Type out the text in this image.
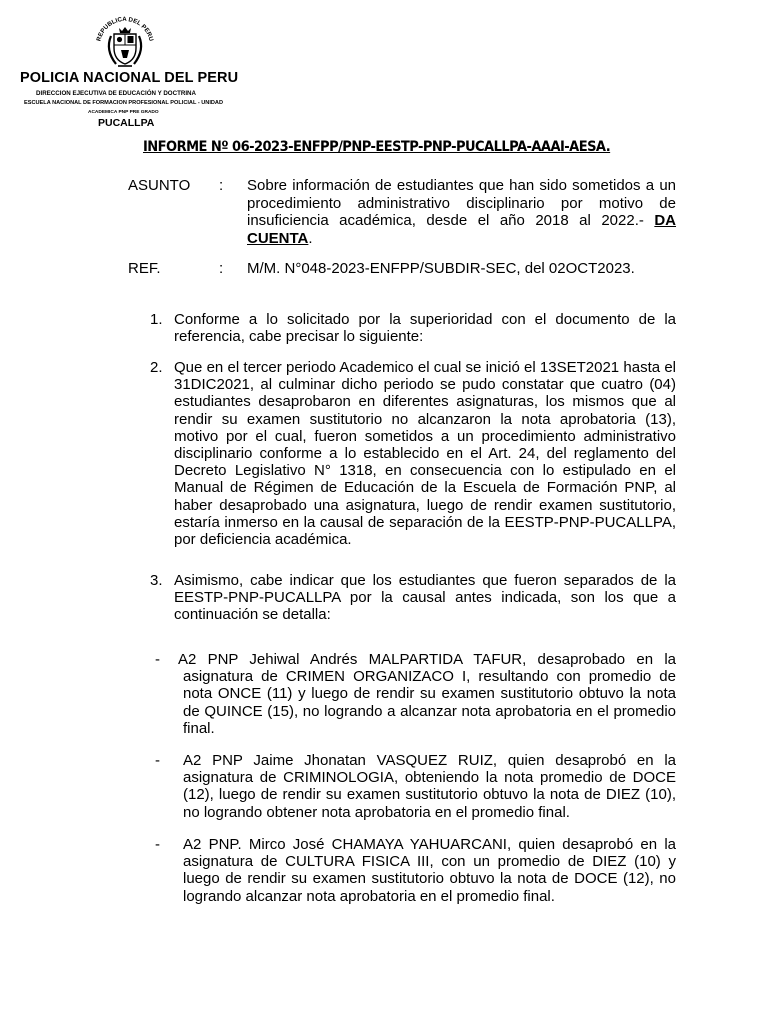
REPUBLICA DEL PERU
POLICIA NACIONAL DEL PERU
DIRECCION EJECUTIVA DE EDUCACIÓN Y DOCTRINA
ESCUELA NACIONAL DE FORMACION PROFESIONAL POLICIAL - UNIDAD
ACADEMICA PNP PRE GRADO
PUCALLPA
INFORME Nº 06-2023-ENFPP/PNP-EESTP-PNP-PUCALLPA-AAAI-AESA.
ASUNTO : Sobre información de estudiantes que han sido sometidos a un procedimiento administrativo disciplinario por motivo de insuficiencia académica, desde el año 2018 al 2022.- DA CUENTA.
REF.	: M/M. N°048-2023-ENFPP/SUBDIR-SEC, del 02OCT2023.
1. Conforme a lo solicitado por la superioridad con el documento de la referencia, cabe precisar lo siguiente:

2. Que en el tercer periodo Academico el cual se inició el 13SET2021 hasta el 31DIC2021, al culminar dicho periodo se pudo constatar que cuatro (04) estudiantes desaprobaron en diferentes asignaturas, los mismos que al rendir su examen sustitutorio no alcanzaron la nota aprobatoria (13), motivo por el cual, fueron sometidos a un procedimiento administrativo disciplinario conforme a lo establecido en el Art. 24, del reglamento del Decreto Legislativo N° 1318, en consecuencia con lo estipulado en el Manual de Régimen de Educación de la Escuela de Formación PNP, al haber desaprobado una asignatura, luego de rendir examen sustitutorio, estaría inmerso en la causal de separación de la EESTP-PNP-PUCALLPA, por deficiencia académica.

3. Asimismo, cabe indicar que los estudiantes que fueron separados de la EESTP-PNP-PUCALLPA por la causal antes indicada, son los que a continuación se detalla:

- A2 PNP Jehiwal Andrés MALPARTIDA TAFUR, desaprobado en la asignatura de CRIMEN ORGANIZACO I, resultando con promedio de nota ONCE (11) y luego de rendir su examen sustitutorio obtuvo la nota de QUINCE (15), no logrando a alcanzar nota aprobatoria en el promedio final.

- A2 PNP Jaime Jhonatan VASQUEZ RUIZ, quien desaprobó en la asignatura de CRIMINOLOGIA, obteniendo la nota promedio de DOCE (12), luego de rendir su examen sustitutorio obtuvo la nota de DIEZ (10), no logrando obtener nota aprobatoria en el promedio final.

- A2 PNP. Mirco José CHAMAYA YAHUARCANI, quien desaprobó en la asignatura de CULTURA FISICA III, con un promedio de DIEZ (10) y luego de rendir su examen sustitutorio obtuvo la nota de DOCE (12), no logrando alcanzar nota aprobatoria en el promedio final.
